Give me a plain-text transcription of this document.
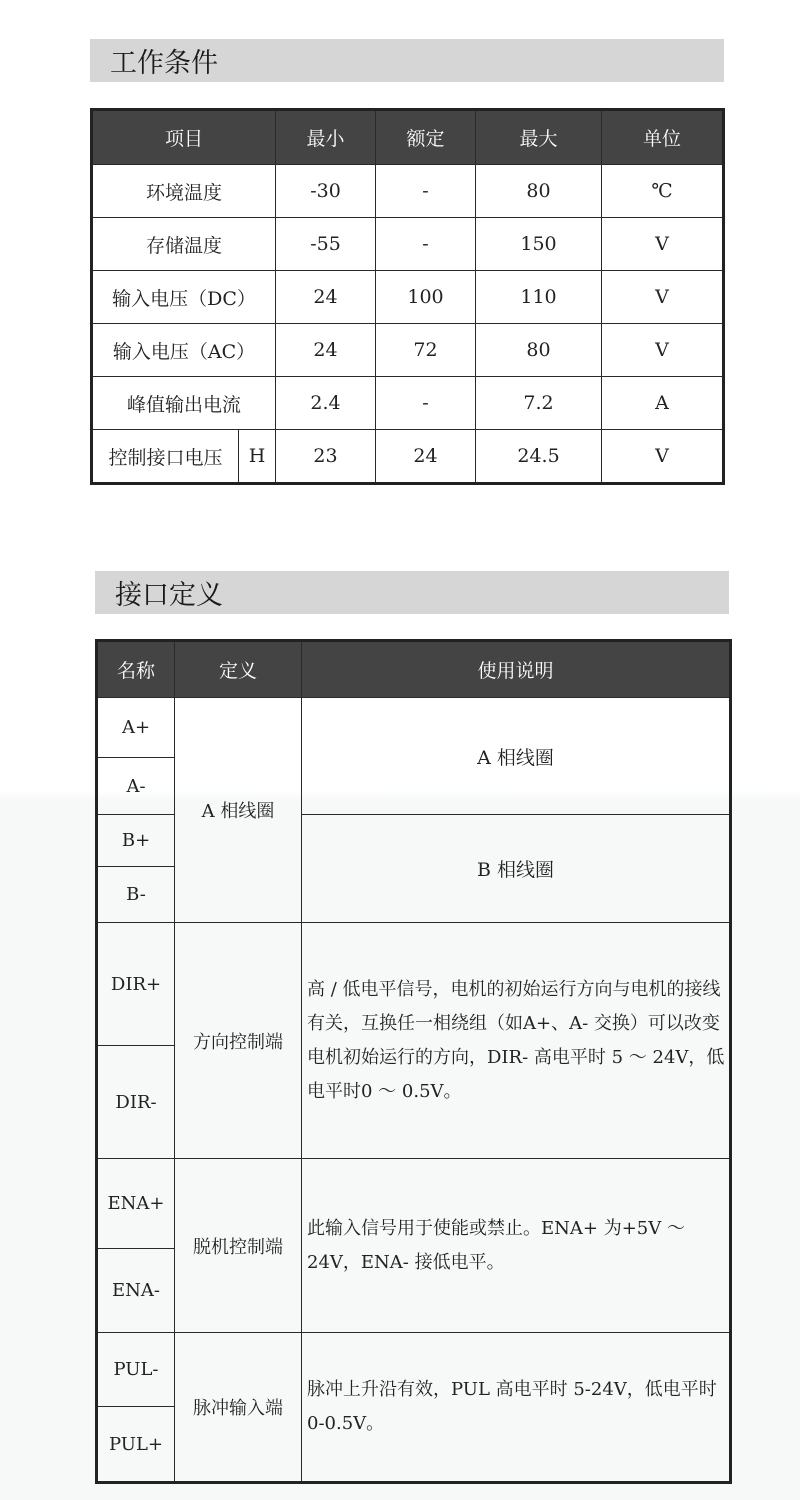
工作条件
项目		最小	额定	最大	单位
环境温度		-30	-	80	℃
存储温度		-55	-	150	V
输入电压（DC）		24	100	110	V
输入电压（AC）		24	72	80	V
峰值输出电流		2.4	-	7.2	A
控制接口电压	H	23	24	24.5	V
接口定义
名称	定义	使用说明
A+	A 相线圈	A 相线圈
A-		
B+		B 相线圈
B-		
DIR+	方向控制端	高 / 低电平信号，电机的初始运行方向与电机的接线有关，互换任一相绕组（如A+、A- 交换）可以改变电机初始运行的方向，DIR- 高电平时 5 ～ 24V，低电平时0 ～ 0.5V。
DIR-		
ENA+	脱机控制端	此输入信号用于使能或禁止。ENA+ 为+5V ～ 24V，ENA- 接低电平。
ENA-		
PUL-	脉冲输入端	脉冲上升沿有效，PUL 高电平时 5-24V，低电平时 0-0.5V。
PUL+		
